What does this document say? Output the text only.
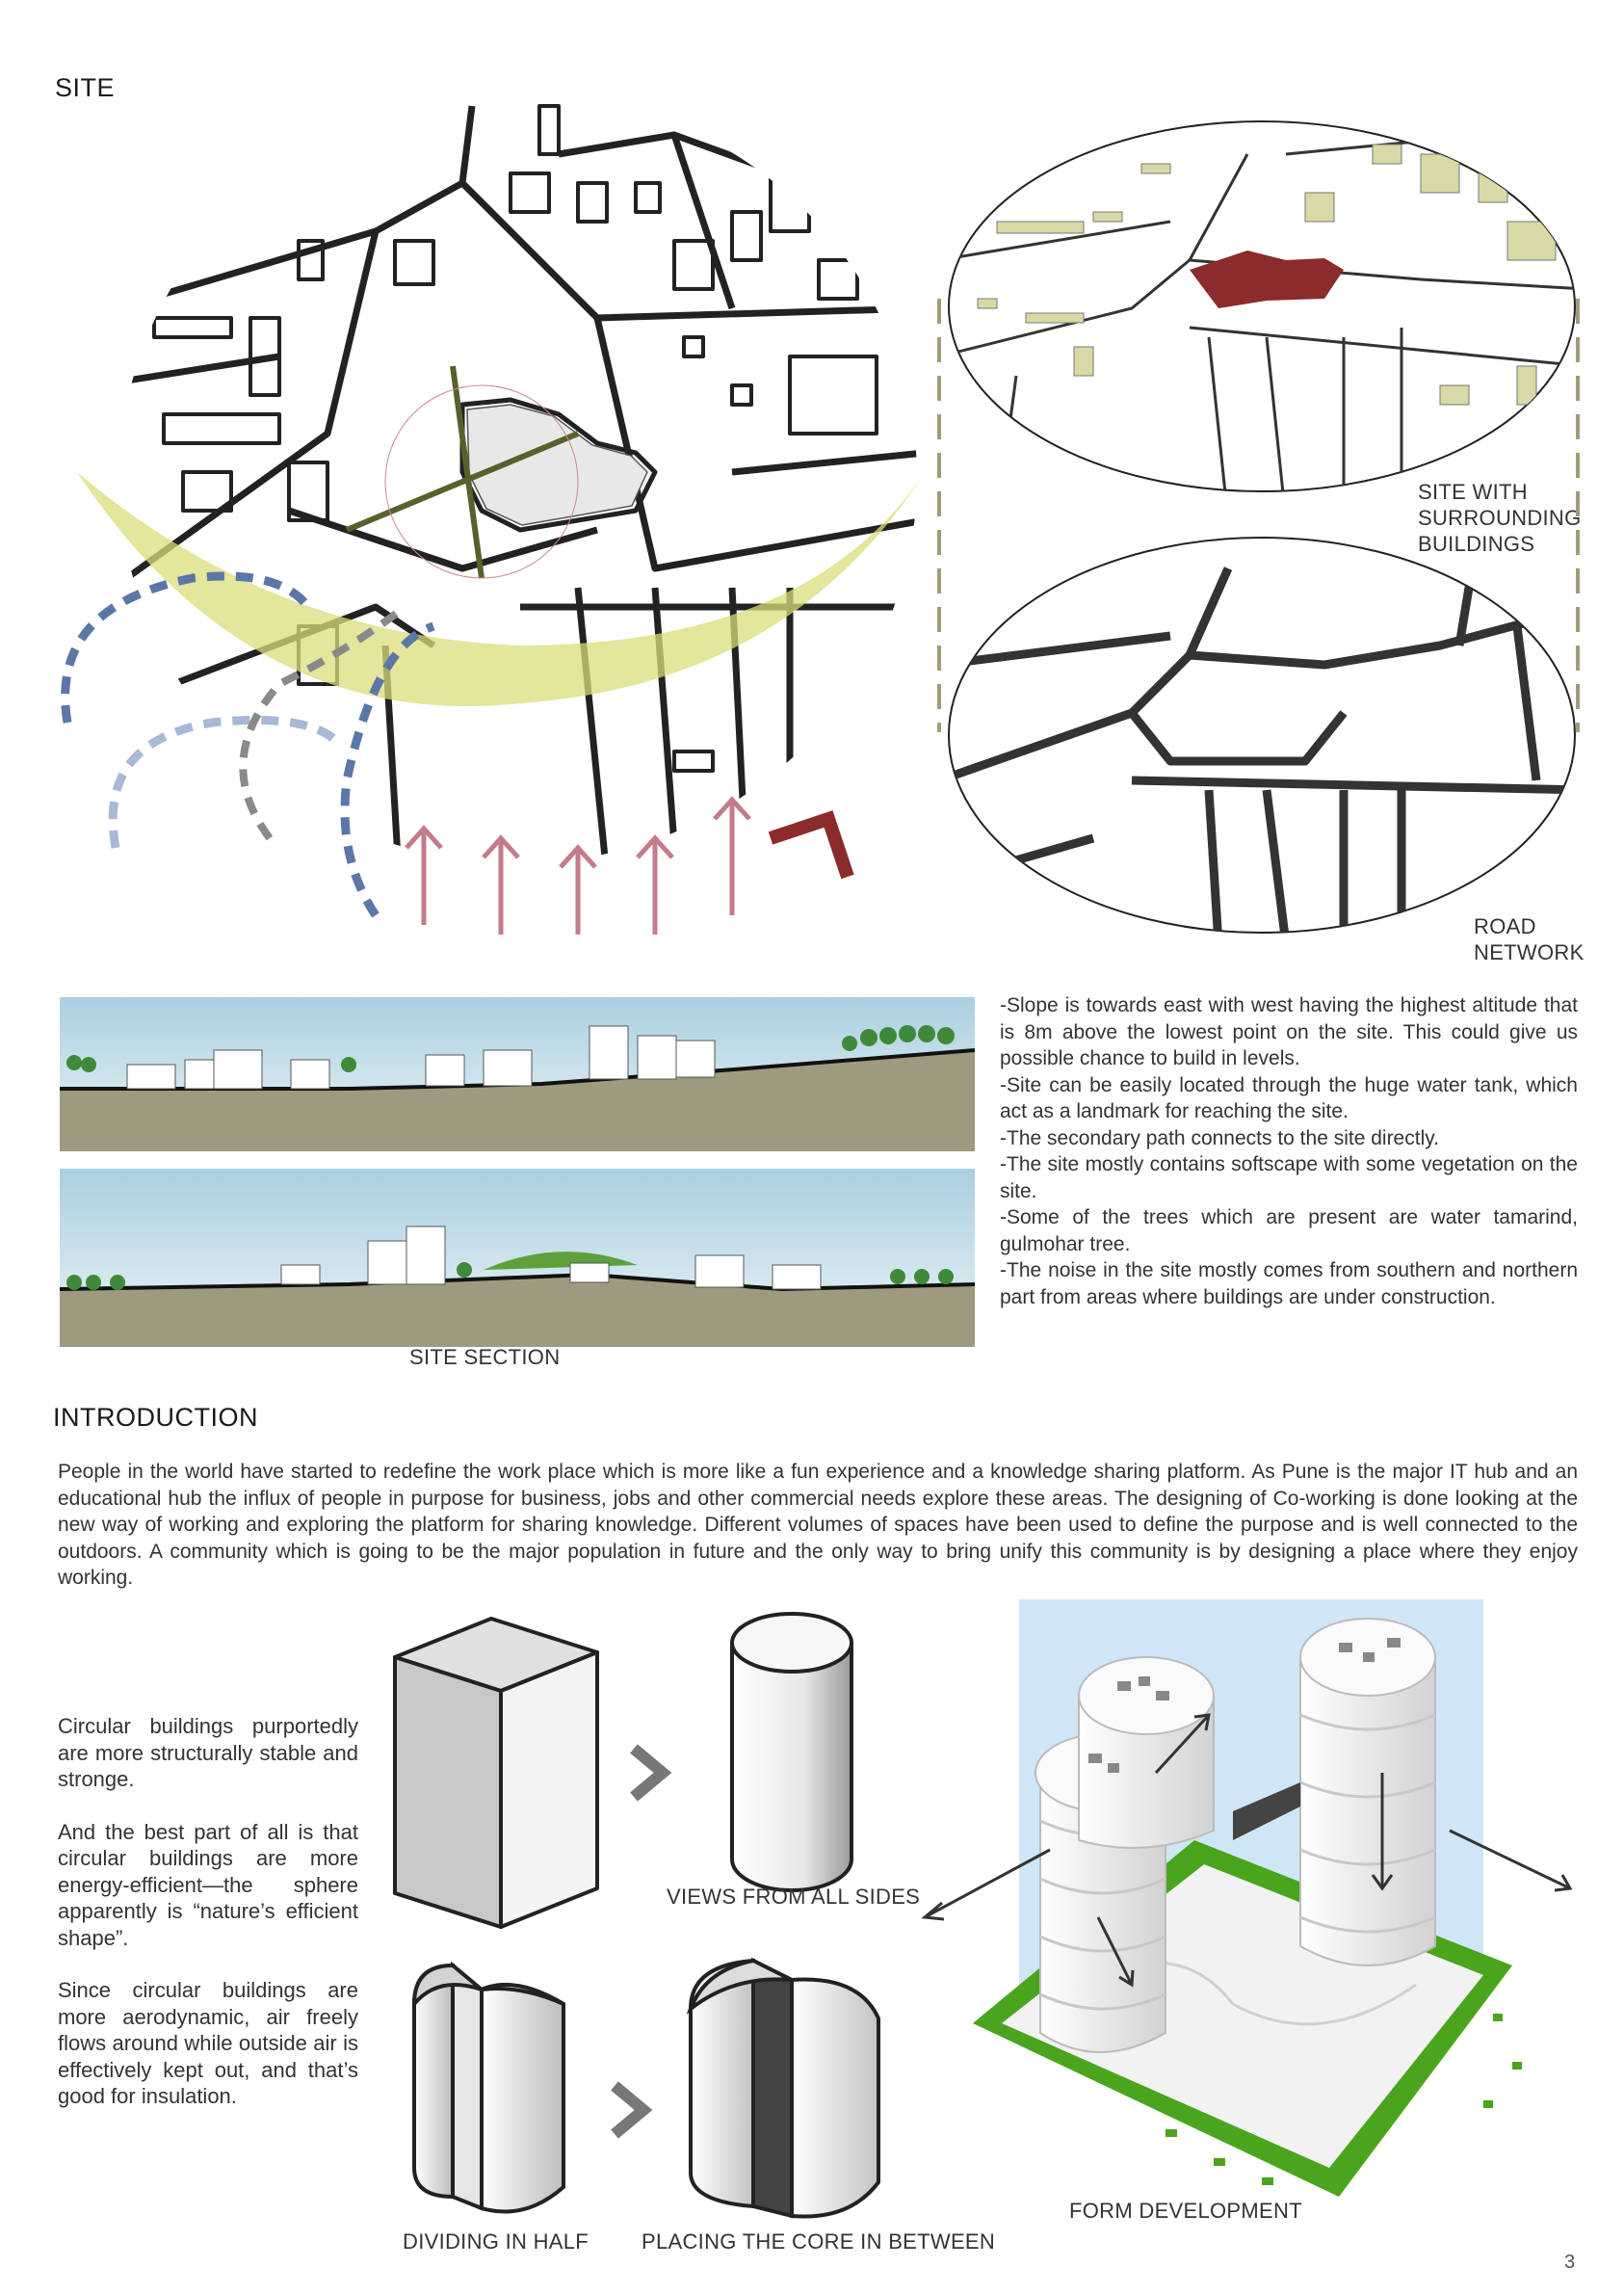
SITE
SITE WITH
SURROUNDING
BUILDINGS
ROAD
NETWORK
SITE SECTION

-Slope is towards east with west having the highest altitude that is 8m above the lowest point on the site. This could give us possible chance to build in levels.

-Site can be easily located through the huge water tank, which act as a landmark for reaching the site.

-The secondary path connects to the site directly.

-The site mostly contains softscape with some vegetation on the site.

-Some of the trees which are present are water tamarind, gulmohar tree.

-The noise in the site mostly comes from southern and northern part from areas where buildings are under construction.

INTRODUCTION
People in the world have started to redefine the work place which is more like a fun experience and a knowledge sharing platform. As Pune is the major IT hub and an educational hub the influx of people in purpose for business, jobs and other commercial needs explore these areas. The designing of Co-working is done looking at the new way of working and exploring the platform for sharing knowledge. Different volumes of spaces have been used to define the purpose and is well connected to the outdoors. A community which is going to be the major population in future and the only way to bring unify this community is by designing a place where they enjoy working.

Circular buildings purportedly are more structurally stable and stronge.

And the best part of all is that circular buildings are more energy-efficient—the sphere apparently is “nature’s efficient shape”.

Since circular buildings are more aerodynamic, air freely flows around while outside air is effectively kept out, and that’s good for insulation.

VIEWS FROM ALL SIDES
DIVIDING IN HALF PLACING THE CORE IN BETWEEN
FORM DEVELOPMENT
3
